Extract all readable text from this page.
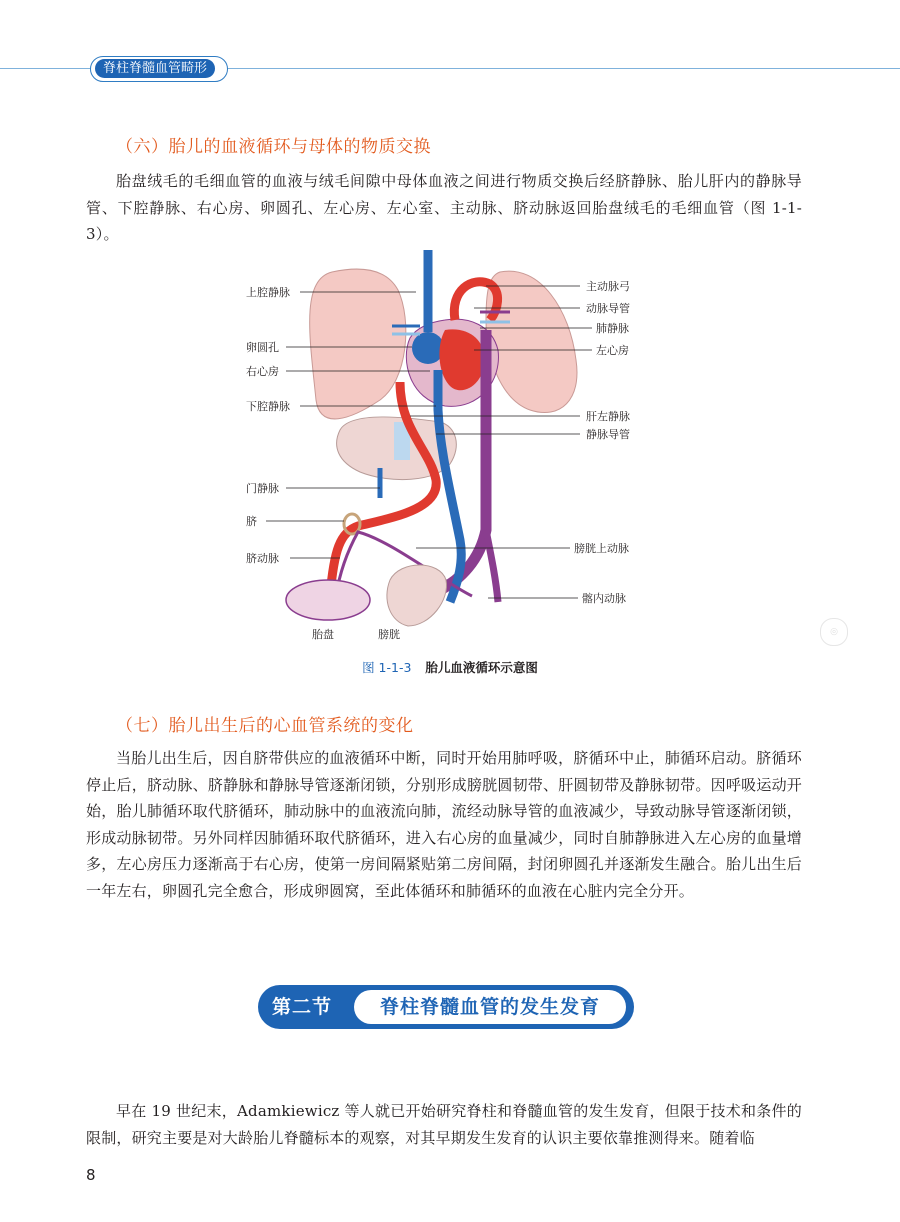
脊柱脊髓血管畸形
（六）胎儿的血液循环与母体的物质交换
胎盘绒毛的毛细血管的血液与绒毛间隙中母体血液之间进行物质交换后经脐静脉、胎儿肝内的静脉导管、下腔静脉、右心房、卵圆孔、左心房、左心室、主动脉、脐动脉返回胎盘绒毛的毛细血管（图 1-1-3）。
上腔静脉
卵圆孔
右心房
下腔静脉
门静脉
脐
脐动脉
主动脉弓
动脉导管
肺静脉
左心房
肝左静脉
静脉导管
膀胱上动脉
髂内动脉
胎盘	膀胱
图 1-1-3 胎儿血液循环示意图
◎
（七）胎儿出生后的心血管系统的变化
当胎儿出生后，因自脐带供应的血液循环中断，同时开始用肺呼吸，脐循环中止，肺循环启动。脐循环停止后，脐动脉、脐静脉和静脉导管逐渐闭锁，分别形成膀胱圆韧带、肝圆韧带及静脉韧带。因呼吸运动开始，胎儿肺循环取代脐循环，肺动脉中的血液流向肺，流经动脉导管的血液减少，导致动脉导管逐渐闭锁，形成动脉韧带。另外同样因肺循环取代脐循环，进入右心房的血量减少，同时自肺静脉进入左心房的血量增多，左心房压力逐渐高于右心房，使第一房间隔紧贴第二房间隔，封闭卵圆孔并逐渐发生融合。胎儿出生后一年左右，卵圆孔完全愈合，形成卵圆窝，至此体循环和肺循环的血液在心脏内完全分开。
第二节	脊柱脊髓血管的发生发育
早在 19 世纪末，Adamkiewicz 等人就已开始研究脊柱和脊髓血管的发生发育，但限于技术和条件的限制，研究主要是对大龄胎儿脊髓标本的观察，对其早期发生发育的认识主要依靠推测得来。随着临
8
